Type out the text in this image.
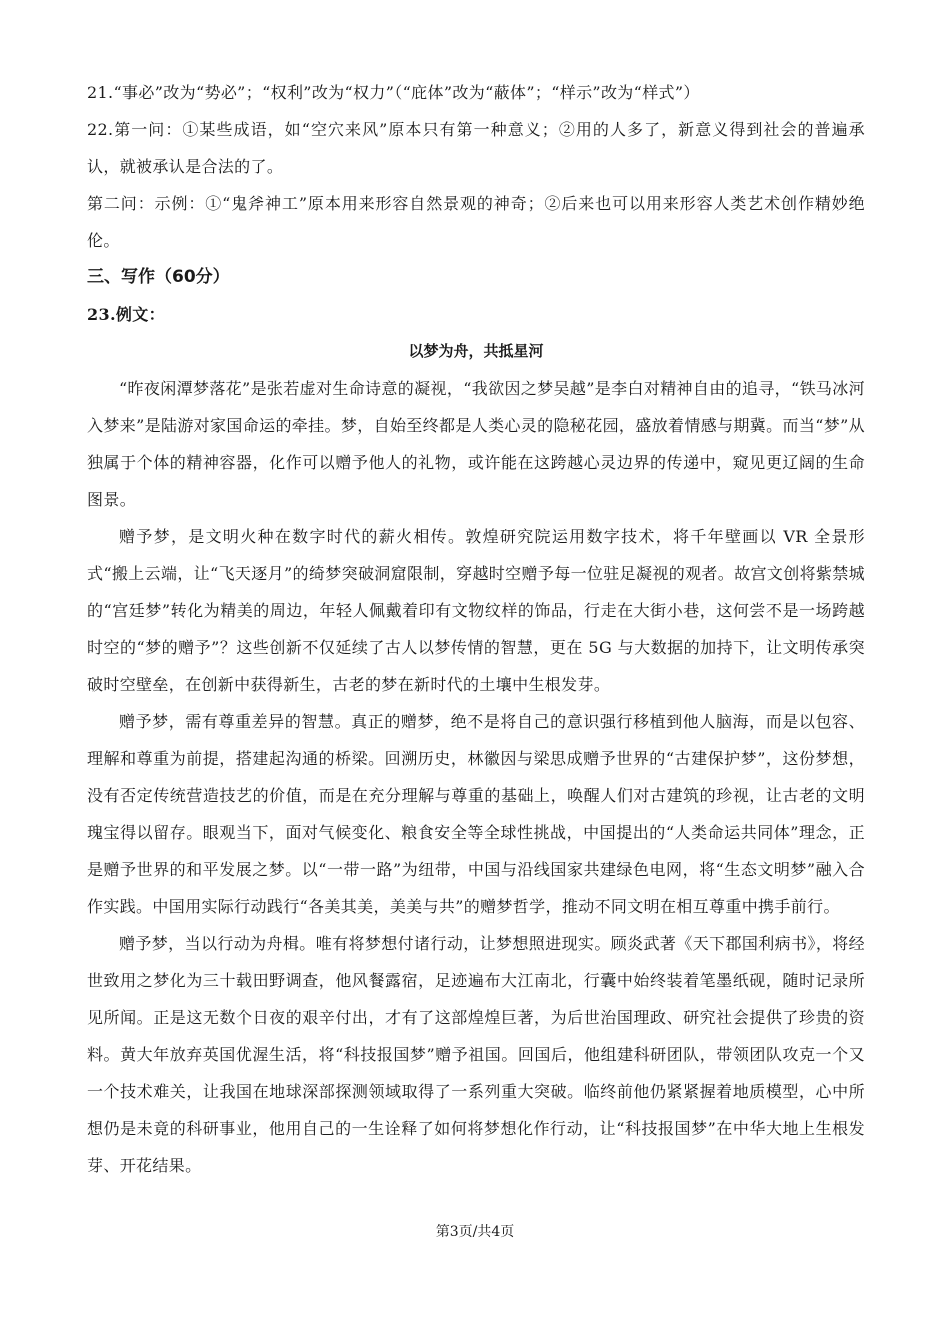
21.“事必”改为“势必”；“权利”改为“权力”（“庇体”改为“蔽体”；“样示”改为“样式”）
22.第一问：①某些成语，如“空穴来风”原本只有第一种意义；②用的人多了，新意义得到社会的普遍承认，就被承认是合法的了。
第二问：示例：①“鬼斧神工”原本用来形容自然景观的神奇；②后来也可以用来形容人类艺术创作精妙绝伦。
三、写作（60分）
23.例文：
以梦为舟，共抵星河
“昨夜闲潭梦落花”是张若虚对生命诗意的凝视，“我欲因之梦吴越”是李白对精神自由的追寻，“铁马冰河入梦来”是陆游对家国命运的牵挂。梦，自始至终都是人类心灵的隐秘花园，盛放着情感与期冀。而当“梦”从独属于个体的精神容器，化作可以赠予他人的礼物，或许能在这跨越心灵边界的传递中，窥见更辽阔的生命图景。
赠予梦，是文明火种在数字时代的薪火相传。敦煌研究院运用数字技术，将千年壁画以 VR 全景形式“搬上云端，让“飞天逐月”的绮梦突破洞窟限制，穿越时空赠予每一位驻足凝视的观者。故宫文创将紫禁城的“宫廷梦”转化为精美的周边，年轻人佩戴着印有文物纹样的饰品，行走在大街小巷，这何尝不是一场跨越时空的“梦的赠予”？这些创新不仅延续了古人以梦传情的智慧，更在 5G 与大数据的加持下，让文明传承突破时空壁垒，在创新中获得新生，古老的梦在新时代的土壤中生根发芽。
赠予梦，需有尊重差异的智慧。真正的赠梦，绝不是将自己的意识强行移植到他人脑海，而是以包容、理解和尊重为前提，搭建起沟通的桥梁。回溯历史，林徽因与梁思成赠予世界的“古建保护梦”，这份梦想，没有否定传统营造技艺的价值，而是在充分理解与尊重的基础上，唤醒人们对古建筑的珍视，让古老的文明瑰宝得以留存。眼观当下，面对气候变化、粮食安全等全球性挑战，中国提出的“人类命运共同体”理念，正是赠予世界的和平发展之梦。以“一带一路”为纽带，中国与沿线国家共建绿色电网，将“生态文明梦”融入合作实践。中国用实际行动践行“各美其美，美美与共”的赠梦哲学，推动不同文明在相互尊重中携手前行。
赠予梦，当以行动为舟楫。唯有将梦想付诸行动，让梦想照进现实。顾炎武著《天下郡国利病书》，将经世致用之梦化为三十载田野调查，他风餐露宿，足迹遍布大江南北，行囊中始终装着笔墨纸砚，随时记录所见所闻。正是这无数个日夜的艰辛付出，才有了这部煌煌巨著，为后世治国理政、研究社会提供了珍贵的资料。黄大年放弃英国优渥生活，将“科技报国梦”赠予祖国。回国后，他组建科研团队，带领团队攻克一个又一个技术难关，让我国在地球深部探测领域取得了一系列重大突破。临终前他仍紧紧握着地质模型，心中所想仍是未竟的科研事业，他用自己的一生诠释了如何将梦想化作行动，让“科技报国梦”在中华大地上生根发芽、开花结果。
第3页/共4页
